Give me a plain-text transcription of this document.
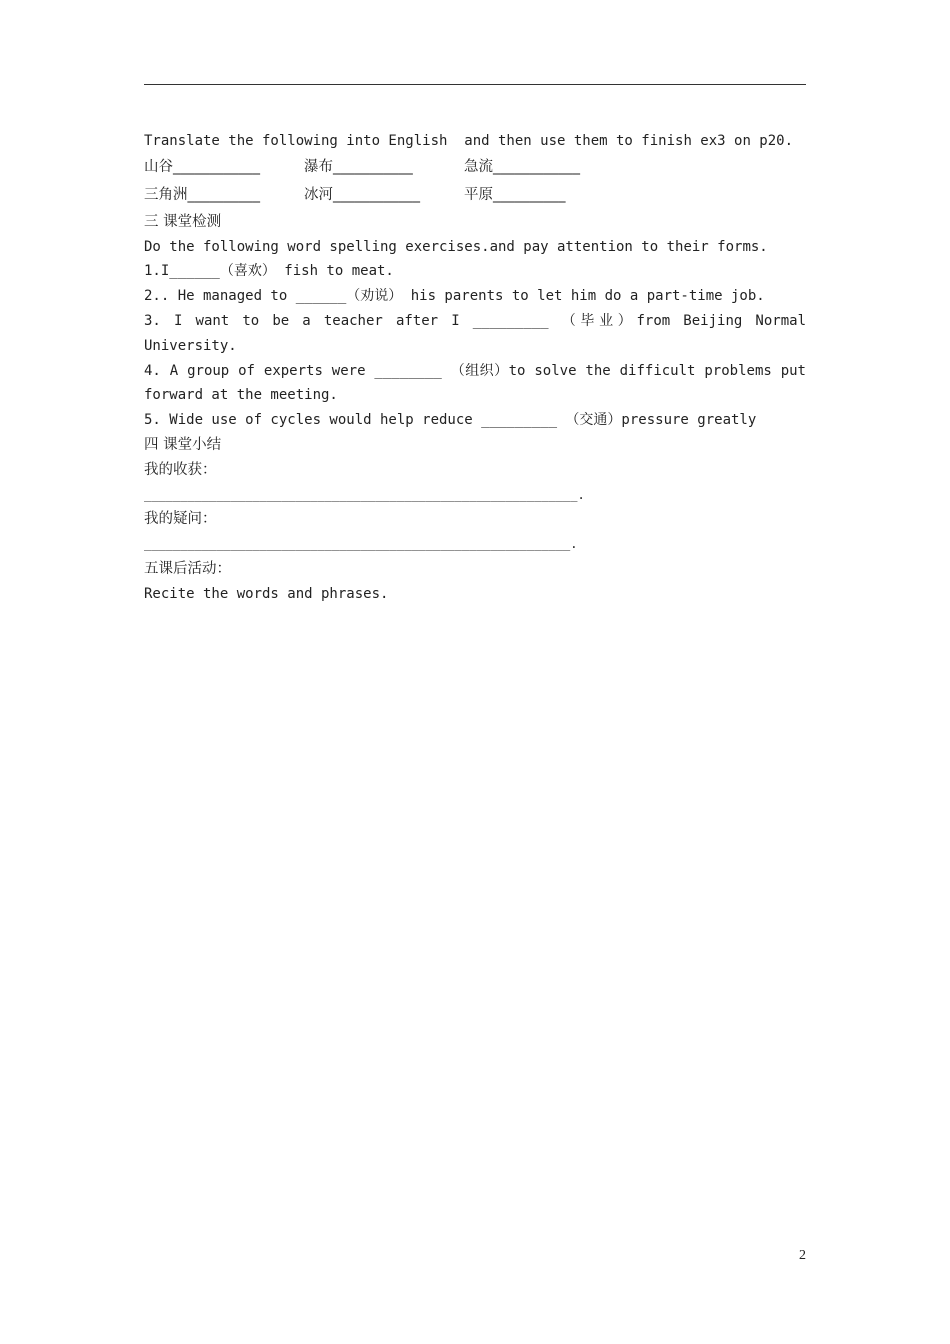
Translate the following into English  and then use them to finish ex3 on p20.
山谷____________	瀑布___________	急流____________
三角洲__________	冰河____________	平原__________
三 课堂检测
Do the following word spelling exercises.and pay attention to their forms.
1.I______（喜欢） fish to meat.
2.. He managed to ______（劝说） his parents to let him do a part-time job.
3. I want to be a teacher after I _________ （毕业）from Beijing Normal University.
4. A group of experts were ________ （组织）to solve the difficult problems put forward at the meeting.
5. Wide use of cycles would help reduce _________ （交通）pressure greatly
四 课堂小结
我的收获：
____________________________________________________________.
我的疑问：
___________________________________________________________.
五课后活动：
Recite the words and phrases.
2
